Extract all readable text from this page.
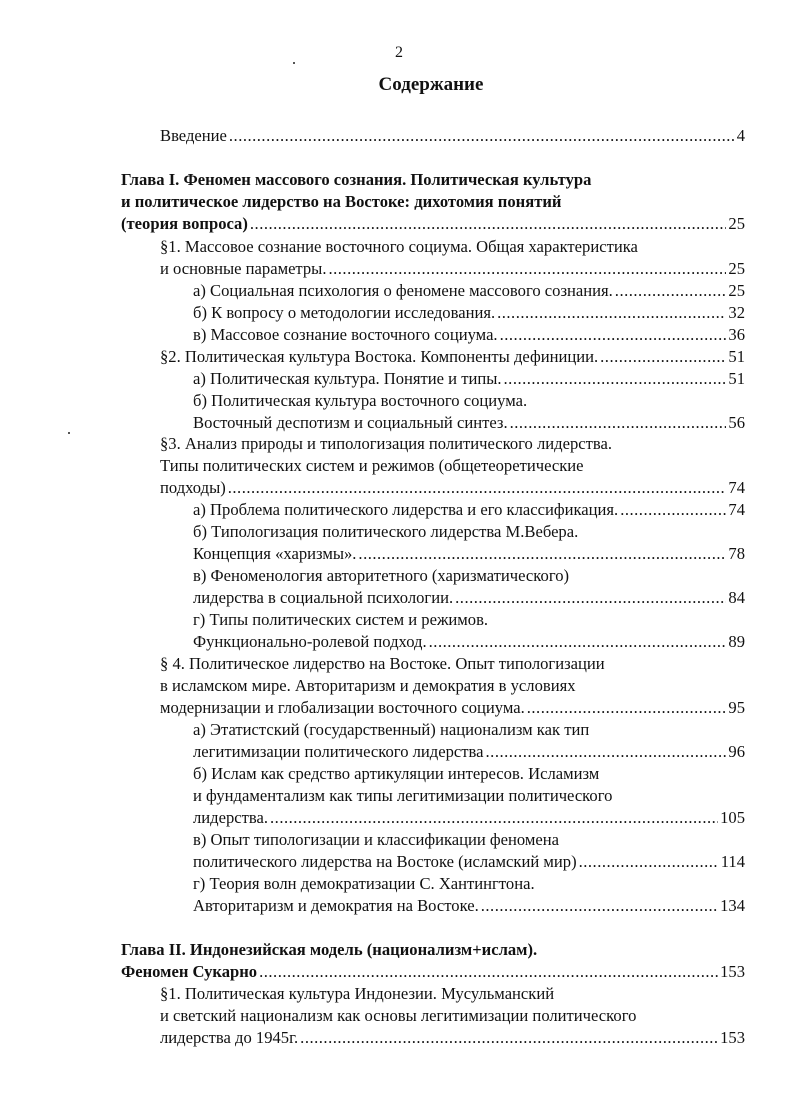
2
Содержание
Введение .....	4
Глава I. Феномен массового сознания. Политическая культура
и политическое лидерство на Востоке: дихотомия понятий
(теория вопроса) .....	25
§1. Массовое сознание восточного социума. Общая характеристика
и основные параметры. .....	25
а) Социальная психология о феномене массового сознания. .....	25
б) К вопросу о методологии исследования. .....	32
в) Массовое сознание восточного социума. .....	36
§2. Политическая культура Востока. Компоненты дефиниции. .....	51
а) Политическая культура. Понятие и типы. .....	51
б) Политическая культура восточного социума.
Восточный деспотизм и социальный синтез. .....	56
§3. Анализ природы и типологизация политического лидерства.
Типы политических систем и режимов (общетеоретические
подходы) .....	74
а) Проблема политического лидерства и его классификация. .....	74
б) Типологизация политического лидерства М.Вебера.
Концепция «харизмы». .....	78
в) Феноменология авторитетного (харизматического)
лидерства в социальной психологии. .....	84
г) Типы политических систем и режимов.
Функционально-ролевой подход. .....	89
§ 4. Политическое лидерство на Востоке. Опыт типологизации
в исламском мире. Авторитаризм и демократия в условиях
модернизации и глобализации восточного социума. .....	95
а) Этатистский (государственный) национализм как тип
легитимизации политического лидерства .....	96
б) Ислам как средство артикуляции интересов. Исламизм
и фундаментализм как типы легитимизации политического
лидерства. .....	105
в) Опыт типологизации и классификации феномена
политического лидерства на Востоке (исламский мир) .....	114
г) Теория волн демократизации С. Хантингтона.
Авторитаризм и демократия на Востоке. .....	134
Глава II. Индонезийская модель (национализм+ислам).
Феномен Сукарно .....	153
§1. Политическая культура Индонезии. Мусульманский
и светский национализм как основы легитимизации политического
лидерства до 1945г. .....	153
